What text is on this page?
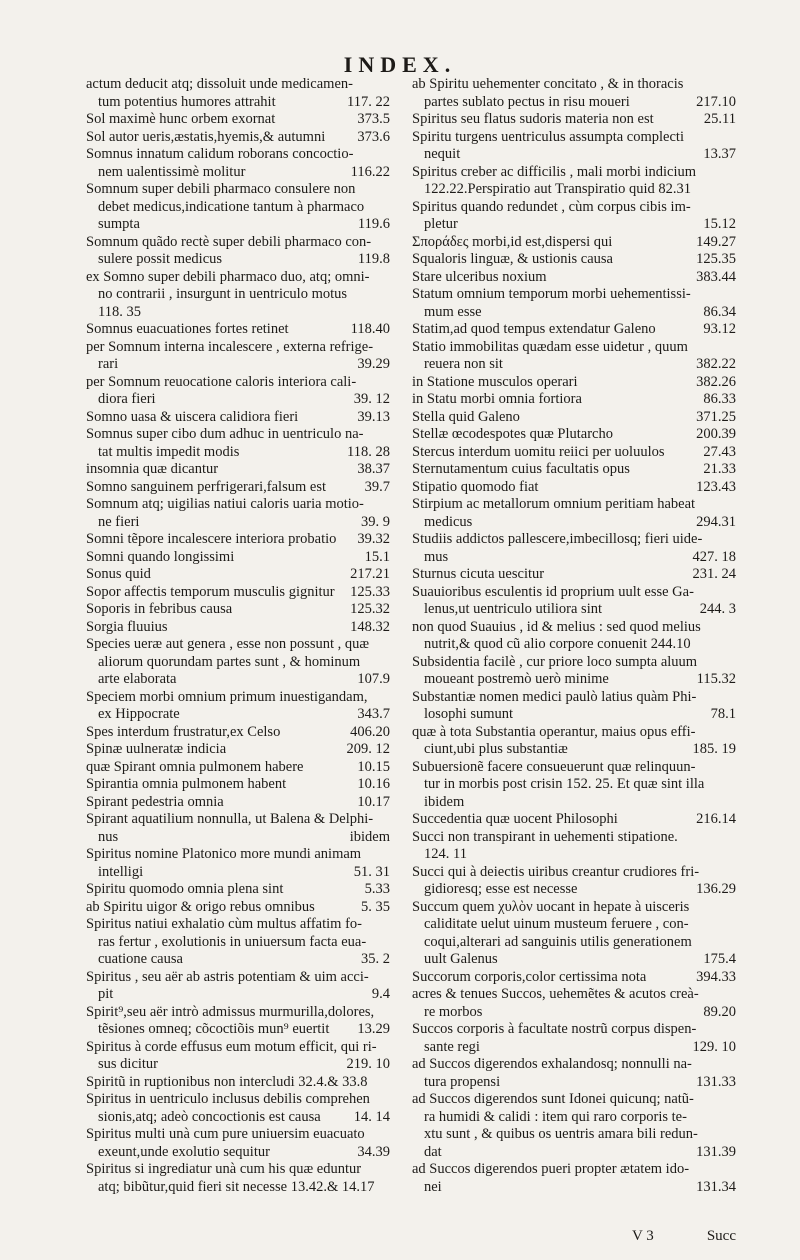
INDEX.
actum deducit atq; dissoluit unde medicamen-
tum potentius humores attrahit	117. 22
Sol maximè hunc orbem exornat	373.5
Sol autor ueris,æstatis,hyemis,& autumni	373.6
Somnus innatum calidum roborans concoctio-
nem ualentissimè molitur	116.22
Somnum super debili pharmaco consulere non
debet medicus,indicatione tantum à pharmaco
sumpta	119.6
Somnum quãdo rectè super debili pharmaco con-
sulere possit medicus	119.8
ex Somno super debili pharmaco duo, atq; omni-
no contrarii , insurgunt in uentriculo motus
118. 35
Somnus euacuationes fortes retinet	118.40
per Somnum interna incalescere , externa refrige-
rari	39.29
per Somnum reuocatione caloris interiora cali-
diora fieri	39. 12
Somno uasa & uiscera calidiora fieri	39.13
Somnus super cibo dum adhuc in uentriculo na-
tat multis impedit modis	118. 28
insomnia quæ dicantur	38.37
Somno sanguinem perfrigerari,falsum est	39.7
Somnum atq; uigilias natiui caloris uaria motio-
ne fieri	39. 9
Somni tẽpore incalescere interiora probatio	39.32
Somni quando longissimi	15.1
Sonus quid	217.21
Sopor affectis temporum musculis gignitur	125.33
Soporis in febribus causa	125.32
Sorgia fluuius	148.32
Species ueræ aut genera , esse non possunt , quæ
aliorum quorundam partes sunt , & hominum
arte elaborata	107.9
Speciem morbi omnium primum inuestigandam,
ex Hippocrate	343.7
Spes interdum frustratur,ex Celso	406.20
Spinæ uulneratæ indicia	209. 12
quæ Spirant omnia pulmonem habere	10.15
Spirantia omnia pulmonem habent	10.16
Spirant pedestria omnia	10.17
Spirant aquatilium nonnulla, ut Balena & Delphi-
nus	ibidem
Spiritus nomine Platonico more mundi animam
intelligi	51. 31
Spiritu quomodo omnia plena sint	5.33
ab Spiritu uigor & origo rebus omnibus	5. 35
Spiritus natiui exhalatio cùm multus affatim fo-
ras fertur , exolutionis in uniuersum facta eua-
cuatione causa	35. 2
Spiritus , seu aër ab astris potentiam & uim acci-
pit	9.4
Spirit⁹,seu aër intrò admissus murmurilla,dolores,
tẽsiones omneq; cõcoctiõis mun⁹ euertit	13.29
Spiritus à corde effusus eum motum efficit, qui ri-
sus dicitur	219. 10
Spiritũ in ruptionibus non intercludi 32.4.& 33.8
Spiritus in uentriculo inclusus debilis comprehen
sionis,atq; adeò concoctionis est causa	14. 14
Spiritus multi unà cum pure uniuersim euacuato
exeunt,unde exolutio sequitur	34.39
Spiritus si ingrediatur unà cum his quæ eduntur
atq; bibũtur,quid fieri sit necesse 13.42.& 14.17
ab Spiritu uehementer concitato , & in thoracis
partes sublato pectus in risu moueri	217.10
Spiritus seu flatus sudoris materia non est	25.11
Spiritu turgens uentriculus assumpta complecti
nequit	13.37
Spiritus creber ac difficilis , mali morbi indicium
122.22.Perspiratio aut Transpiratio quid 82.31
Spiritus quando redundet , cùm corpus cibis im-
pletur	15.12
Σποράδες morbi,id est,dispersi qui	149.27
Squaloris linguæ, & ustionis causa	125.35
Stare ulceribus noxium	383.44
Statum omnium temporum morbi uehementissi-
mum esse	86.34
Statim,ad quod tempus extendatur Galeno	93.12
Statio immobilitas quædam esse uidetur , quum
reuera non sit	382.22
in Statione musculos operari	382.26
in Statu morbi omnia fortiora	86.33
Stella quid Galeno	371.25
Stellæ œcodespotes quæ Plutarcho	200.39
Stercus interdum uomitu reiici per uoluulos	27.43
Sternutamentum cuius facultatis opus	21.33
Stipatio quomodo fiat	123.43
Stirpium ac metallorum omnium peritiam habeat
medicus	294.31
Studiis addictos pallescere,imbecillosq; fieri uide-
mus	427. 18
Sturnus cicuta uescitur	231. 24
Suauioribus esculentis id proprium uult esse Ga-
lenus,ut uentriculo utiliora sint	244. 3
non quod Suauius , id & melius : sed quod melius
nutrit,& quod cũ alio corpore conuenit 244.10
Subsidentia facilè , cur priore loco sumpta aluum
moueant postremò uerò minime	115.32
Substantiæ nomen medici paulò latius quàm Phi-
losophi sumunt	78.1
quæ à tota Substantia operantur, maius opus effi-
ciunt,ubi plus substantiæ	185. 19
Subuersionẽ facere consueuerunt quæ relinquun-
tur in morbis post crisin 152. 25. Et quæ sint illa
ibidem
Succedentia quæ uocent Philosophi	216.14
Succi non transpirant in uehementi stipatione.
124. 11
Succi qui à deiectis uiribus creantur crudiores fri-
gidioresq; esse est necesse	136.29
Succum quem χυλὸν uocant in hepate à uisceris
caliditate uelut uinum musteum feruere , con-
coqui,alterari ad sanguinis utilis generationem
uult Galenus	175.4
Succorum corporis,color certissima nota	394.33
acres & tenues Succos, uehemẽtes & acutos creà-
re morbos	89.20
Succos corporis à facultate nostrũ corpus dispen-
sante regi	129. 10
ad Succos digerendos exhalandosq; nonnulli na-
tura propensi	131.33
ad Succos digerendos sunt Idonei quicunq; natũ-
ra humidi & calidi : item qui raro corporis te-
xtu sunt , & quibus os uentris amara bili redun-
dat	131.39
ad Succos digerendos pueri propter ætatem ido-
nei	131.34
V 3	Succ
